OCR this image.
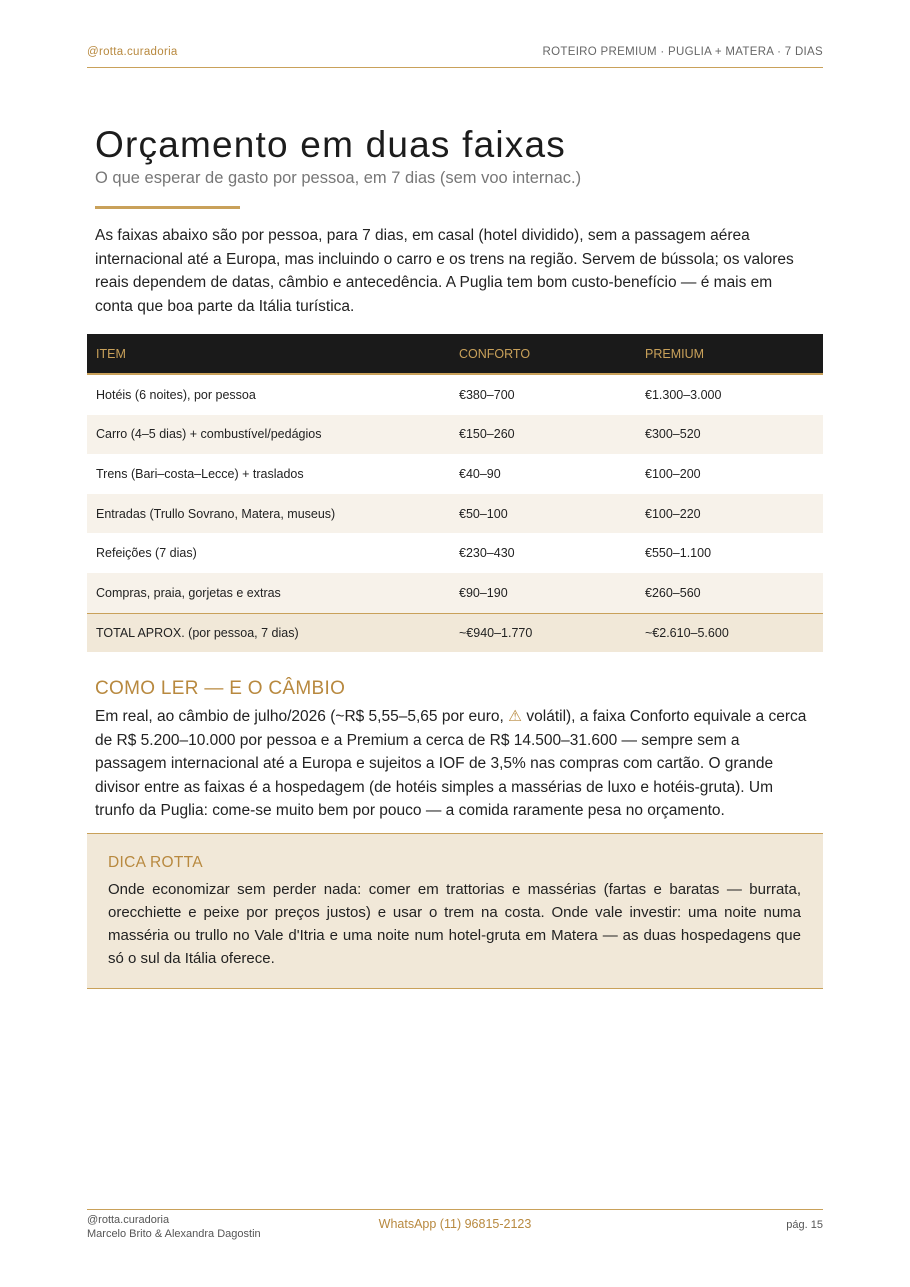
@rotta.curadoria	ROTEIRO PREMIUM · PUGLIA + MATERA · 7 DIAS
Orçamento em duas faixas
O que esperar de gasto por pessoa, em 7 dias (sem voo internac.)

As faixas abaixo são por pessoa, para 7 dias, em casal (hotel dividido), sem a passagem aérea internacional até a Europa, mas incluindo o carro e os trens na região. Servem de bússola; os valores reais dependem de datas, câmbio e antecedência. A Puglia tem bom custo-benefício — é mais em conta que boa parte da Itália turística.

ITEM	CONFORTO	PREMIUM
Hotéis (6 noites), por pessoa	€380–700	€1.300–3.000
Carro (4–5 dias) + combustível/pedágios	€150–260	€300–520
Trens (Bari–costa–Lecce) + traslados	€40–90	€100–200
Entradas (Trullo Sovrano, Matera, museus)	€50–100	€100–220
Refeições (7 dias)	€230–430	€550–1.100
Compras, praia, gorjetas e extras	€90–190	€260–560
TOTAL APROX. (por pessoa, 7 dias)	~€940–1.770	~€2.610–5.600
COMO LER — E O CÂMBIO

Em real, ao câmbio de julho/2026 (~R$ 5,55–5,65 por euro, ⚠ volátil), a faixa Conforto equivale a cerca de R$ 5.200–10.000 por pessoa e a Premium a cerca de R$ 14.500–31.600 — sempre sem a passagem internacional até a Europa e sujeitos a IOF de 3,5% nas compras com cartão. O grande divisor entre as faixas é a hospedagem (de hotéis simples a massérias de luxo e hotéis-gruta). Um trunfo da Puglia: come-se muito bem por pouco — a comida raramente pesa no orçamento.

DICA ROTTA
Onde economizar sem perder nada: comer em trattorias e massérias (fartas e baratas — burrata, orecchiette e peixe por preços justos) e usar o trem na costa. Onde vale investir: uma noite numa masséria ou trullo no Vale d'Itria e uma noite num hotel-gruta em Matera — as duas hospedagens que só o sul da Itália oferece.
@rotta.curadoria
Marcelo Brito & Alexandra Dagostin
WhatsApp (11) 96815-2123	pág. 15
